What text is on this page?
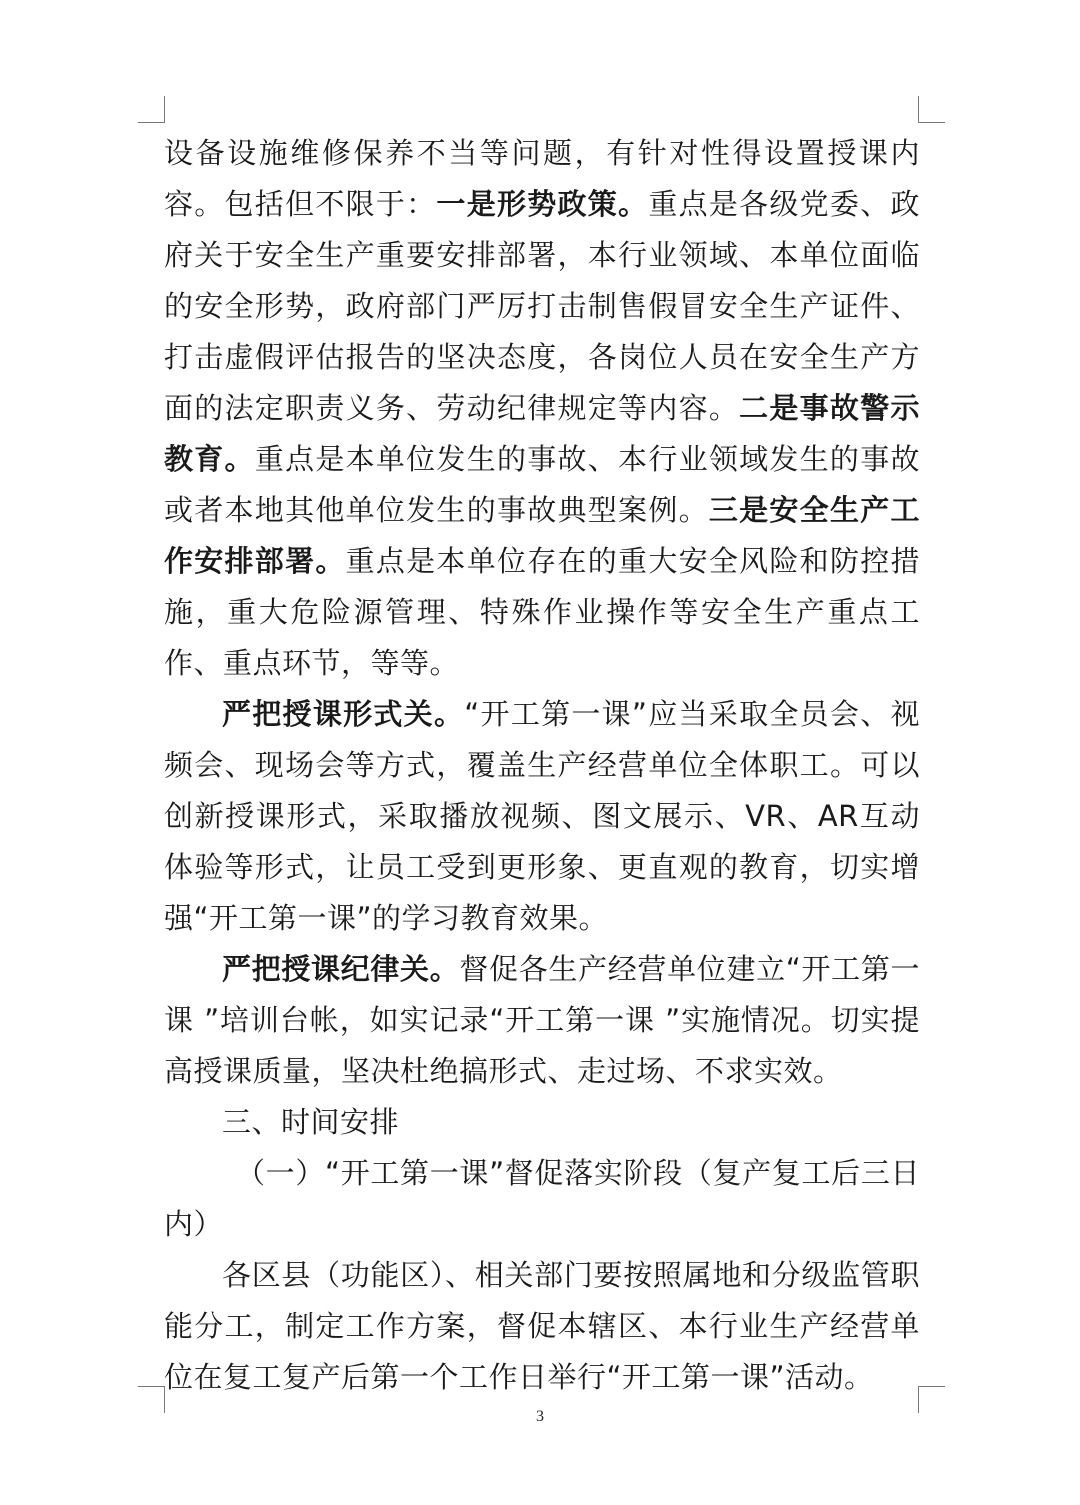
设备设施维修保养不当等问题，有针对性得设置授课内容。包括但不限于：一是形势政策。重点是各级党委、政府关于安全生产重要安排部署，本行业领域、本单位面临的安全形势，政府部门严厉打击制售假冒安全生产证件、打击虚假评估报告的坚决态度，各岗位人员在安全生产方面的法定职责义务、劳动纪律规定等内容。二是事故警示教育。重点是本单位发生的事故、本行业领域发生的事故或者本地其他单位发生的事故典型案例。三是安全生产工作安排部署。重点是本单位存在的重大安全风险和防控措施，重大危险源管理、特殊作业操作等安全生产重点工作、重点环节，等等。

严把授课形式关。“开工第一课”应当采取全员会、视频会、现场会等方式，覆盖生产经营单位全体职工。可以创新授课形式，采取播放视频、图文展示、VR、AR互动体验等形式，让员工受到更形象、更直观的教育，切实增强“开工第一课”的学习教育效果。

严把授课纪律关。督促各生产经营单位建立“开工第一课 ”培训台帐，如实记录“开工第一课 ”实施情况。切实提高授课质量，坚决杜绝搞形式、走过场、不求实效。

三、时间安排

（一）“开工第一课”督促落实阶段（复产复工后三日内）

各区县（功能区）、相关部门要按照属地和分级监管职能分工，制定工作方案，督促本辖区、本行业生产经营单位在复工复产后第一个工作日举行“开工第一课”活动。

3
